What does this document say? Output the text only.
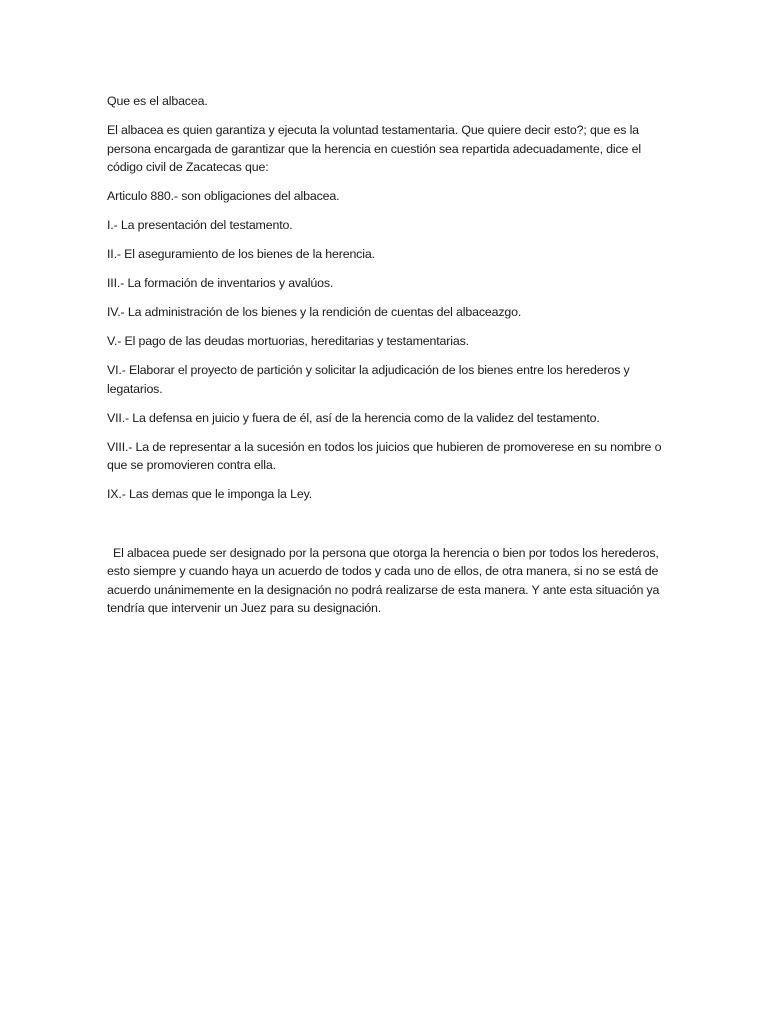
Que es el albacea.

El albacea es quien garantiza y ejecuta la voluntad testamentaria. Que quiere decir esto?; que es la persona encargada de garantizar que la herencia en cuestión sea repartida adecuadamente, dice el código civil de Zacatecas que:

Articulo 880.- son obligaciones del albacea.

I.- La presentación del testamento.

II.- El aseguramiento de los bienes de la herencia.

III.- La formación de inventarios y avalúos.

IV.- La administración de los bienes y la rendición de cuentas del albaceazgo.

V.- El pago de las deudas mortuorias, hereditarias y testamentarias.

VI.- Elaborar el proyecto de partición y solicitar la adjudicación de los bienes entre los herederos y legatarios.

VII.- La defensa en juicio y fuera de él, así de la herencia como de la validez del testamento.

VIII.- La de representar a la sucesión en todos los juicios que hubieren de promoverese en su nombre o que se promovieren contra ella.

IX.- Las demas que le imponga la Ley.

El albacea puede ser designado por la persona que otorga la herencia o bien por todos los herederos, esto siempre y cuando haya un acuerdo de todos y cada uno de ellos, de otra manera, si no se está de acuerdo unánimemente en la designación no podrá realizarse de esta manera. Y ante esta situación ya tendría que intervenir un Juez para su designación.
